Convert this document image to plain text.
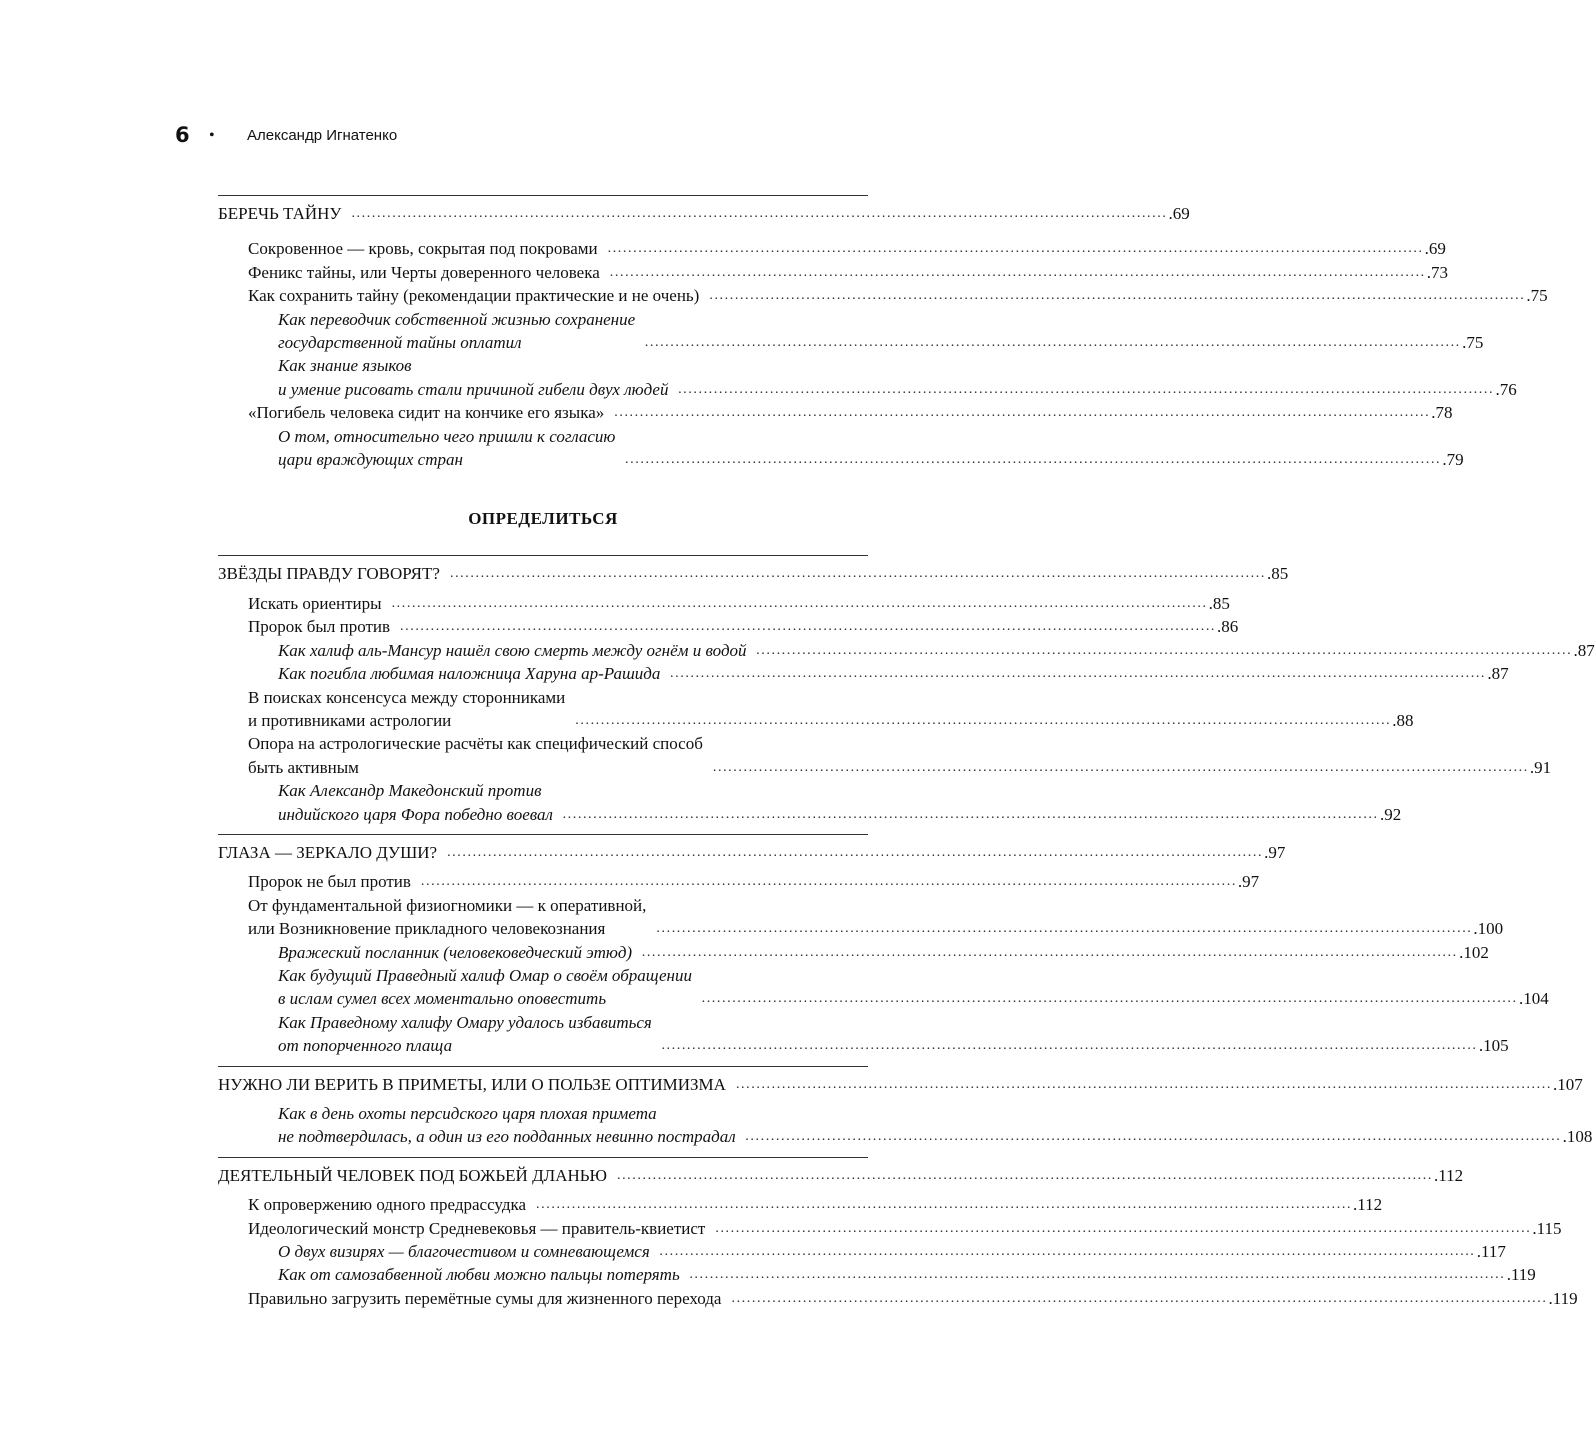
6 • Александр Игнатенко
БЕРЕЧЬ ТАЙНУ ................................................................................................................................................................ .69
Сокровенное — кровь, сокрытая под покровами ................................................................................................................................................................ .69
Феникс тайны, или Черты доверенного человека ................................................................................................................................................................ .73
Как сохранить тайну (рекомендации практические и не очень) ................................................................................................................................................................ .75
Как переводчик собственной жизнью сохранение
государственной тайны оплатил	................................................................................................................................................................ .75
Как знание языков
и умение рисовать стали причиной гибели двух людей ................................................................................................................................................................ .76
«Погибель человека сидит на кончике его языка» ................................................................................................................................................................ .78
О том, относительно чего пришли к согласию
цари враждующих стран	................................................................................................................................................................ .79
ОПРЕДЕЛИТЬСЯ
ЗВЁЗДЫ ПРАВДУ ГОВОРЯТ? ................................................................................................................................................................ .85
Искать ориентиры ................................................................................................................................................................ .85
Пророк был против ................................................................................................................................................................ .86
Как халиф аль-Мансур нашёл свою смерть между огнём и водой ................................................................................................................................................................ .87
Как погибла любимая наложница Харуна ар-Рашида ................................................................................................................................................................ .87
В поисках консенсуса между сторонниками
и противниками астрологии	................................................................................................................................................................ .88
Опора на астрологические расчёты как специфический способ
быть активным	................................................................................................................................................................ .91
Как Александр Македонский против
индийского царя Фора победно воевал ................................................................................................................................................................ .92
ГЛАЗА — ЗЕРКАЛО ДУШИ? ................................................................................................................................................................ .97
Пророк не был против ................................................................................................................................................................ .97
От фундаментальной физиогномики — к оперативной,
или Возникновение прикладного человекознания	................................................................................................................................................................ .100
Вражеский посланник (человековедческий этюд) ................................................................................................................................................................ .102
Как будущий Праведный халиф Омар о своём обращении
в ислам сумел всех моментально оповестить	................................................................................................................................................................ .104
Как Праведному халифу Омару удалось избавиться
от попорченного плаща	................................................................................................................................................................ .105
НУЖНО ЛИ ВЕРИТЬ В ПРИМЕТЫ, ИЛИ О ПОЛЬЗЕ ОПТИМИЗМА ................................................................................................................................................................ .107
Как в день охоты персидского царя плохая примета
не подтвердилась, а один из его подданных невинно пострадал ................................................................................................................................................................ .108
ДЕЯТЕЛЬНЫЙ ЧЕЛОВЕК ПОД БОЖЬЕЙ ДЛАНЬЮ ................................................................................................................................................................ .112
К опровержению одного предрассудка ................................................................................................................................................................ .112
Идеологический монстр Средневековья — правитель-квиетист ................................................................................................................................................................ .115
О двух визирях — благочестивом и сомневающемся ................................................................................................................................................................ .117
Как от самозабвенной любви можно пальцы потерять ................................................................................................................................................................ .119
Правильно загрузить перемётные сумы для жизненного перехода ................................................................................................................................................................ .119
